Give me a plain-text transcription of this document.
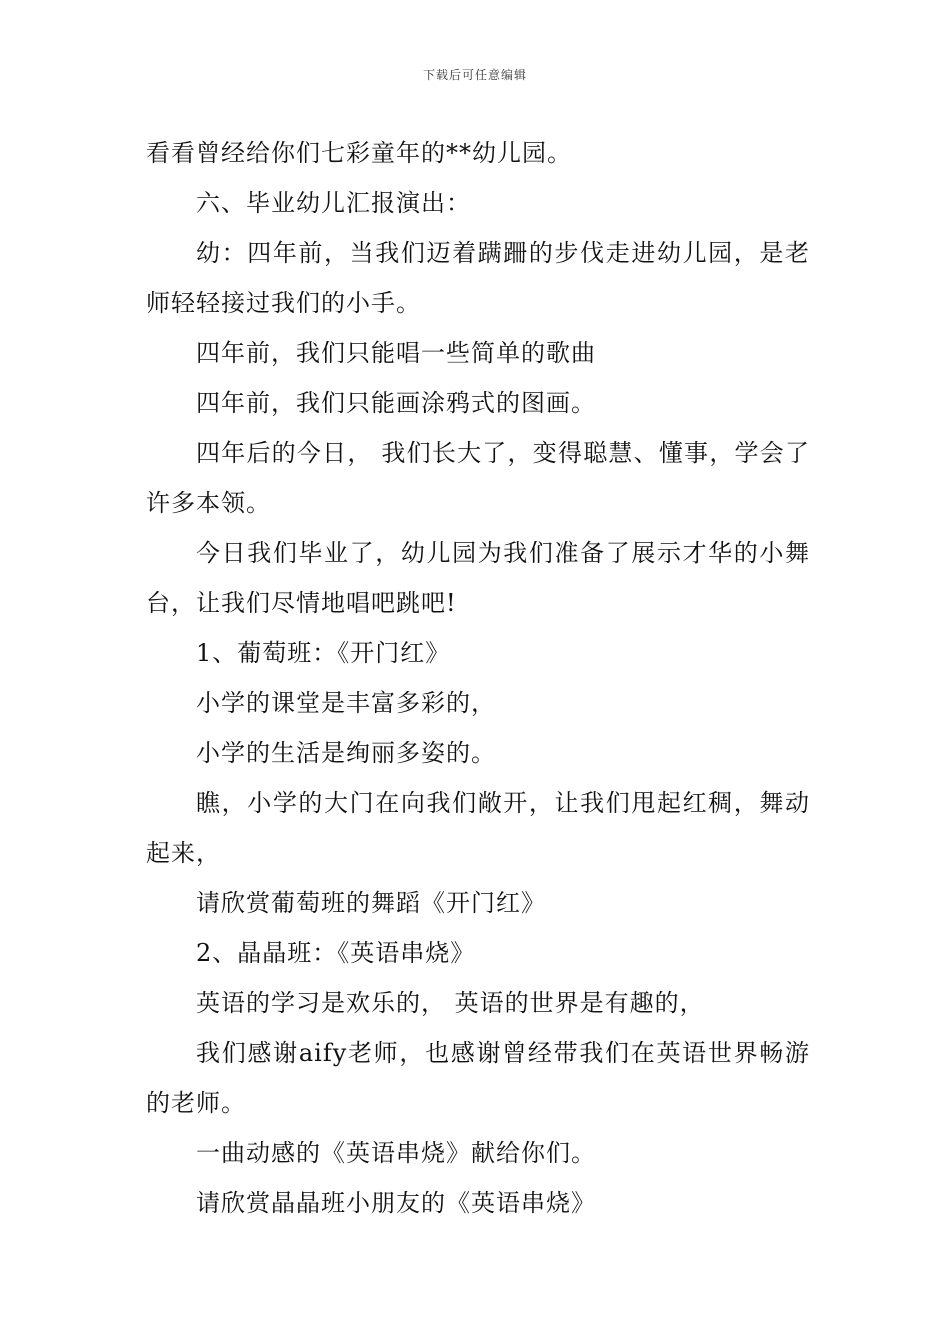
下载后可任意编辑

看看曾经给你们七彩童年的**幼儿园。

六、毕业幼儿汇报演出：

幼：四年前，当我们迈着蹒跚的步伐走进幼儿园，是老师轻轻接过我们的小手。

四年前，我们只能唱一些简单的歌曲

四年前，我们只能画涂鸦式的图画。

四年后的今日， 我们长大了，变得聪慧、懂事，学会了许多本领。

今日我们毕业了，幼儿园为我们准备了展示才华的小舞台，让我们尽情地唱吧跳吧!

1、葡萄班：《开门红》

小学的课堂是丰富多彩的，

小学的生活是绚丽多姿的。

瞧，小学的大门在向我们敞开，让我们甩起红稠，舞动起来，

请欣赏葡萄班的舞蹈《开门红》

2、晶晶班：《英语串烧》

英语的学习是欢乐的， 英语的世界是有趣的，

我们感谢aify老师，也感谢曾经带我们在英语世界畅游的老师。

一曲动感的《英语串烧》献给你们。

请欣赏晶晶班小朋友的《英语串烧》
